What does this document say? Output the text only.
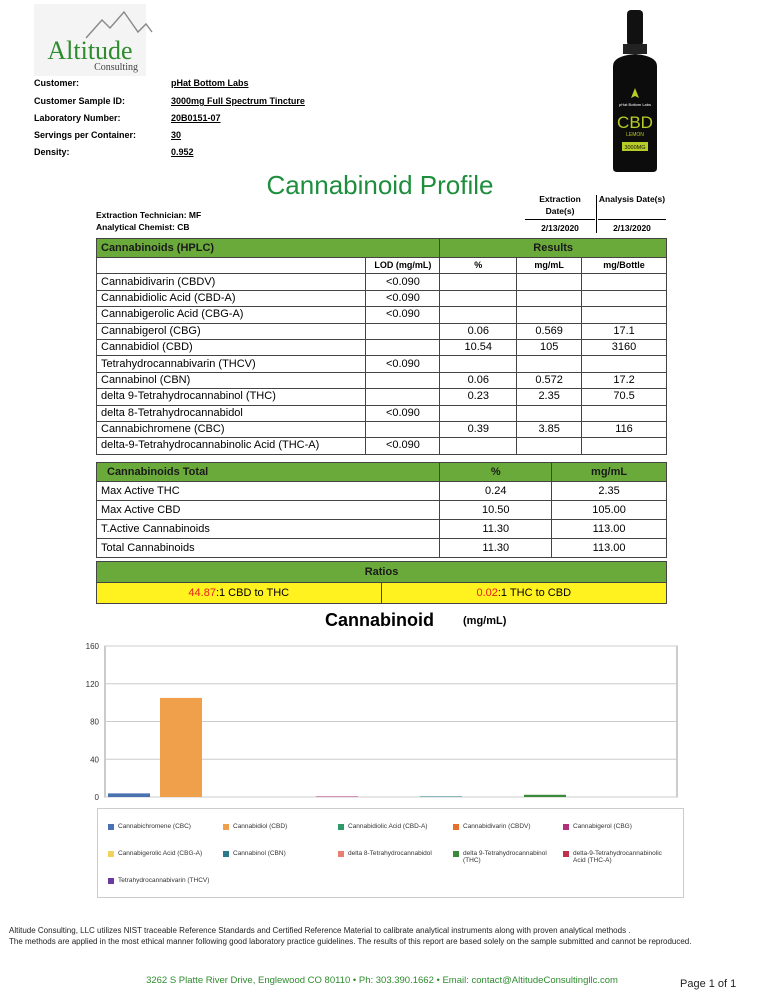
Altitude
Consulting
Customer:	pHat Bottom Labs
Customer Sample ID:	3000mg Full Spectrum Tincture
Laboratory Number:	20B0151-07
Servings per Container:	30
Density:	0.952
pHat Bottom Labs
CBD
LEMON
3000MG
Cannabinoid Profile
Extraction Technician: MF
Analytical Chemist: CB
Extraction Date(s)
2/13/2020
Analysis Date(s)
2/13/2020
Cannabinoids (HPLC)		Results		
	LOD (mg/mL)	%	mg/mL	mg/Bottle
Cannabidivarin (CBDV)	<0.090			
Cannabidiolic Acid (CBD-A)	<0.090			
Cannabigerolic Acid (CBG-A)	<0.090			
Cannabigerol (CBG)		0.06	0.569	17.1
Cannabidiol (CBD)		10.54	105	3160
Tetrahydrocannabivarin (THCV)	<0.090			
Cannabinol (CBN)		0.06	0.572	17.2
delta 9-Tetrahydrocannabinol (THC)		0.23	2.35	70.5
delta 8-Tetrahydrocannabidol	<0.090			
Cannabichromene (CBC)		0.39	3.85	116
delta-9-Tetrahydrocannabinolic Acid (THC-A)	<0.090			
Cannabinoids Total	%	mg/mL
Max Active THC	0.24	2.35
Max Active CBD	10.50	105.00
T.Active Cannabinoids	11.30	113.00
Total Cannabinoids	11.30	113.00
Ratios
44.87:1 CBD to THC	0.02:1 THC to CBD
Cannabinoid	(mg/mL)
0
40
80
120
160
Cannabichromene (CBC)	Cannabidiol (CBD)	Cannabidiolic Acid (CBD-A)	Cannabidivarin (CBDV)	Cannabigerol (CBG)
Cannabigerolic Acid (CBG-A)	Cannabinol (CBN)	delta 8-Tetrahydrocannabidol	delta 9-Tetrahydrocannabinol (THC)
delta-9-Tetrahydrocannabinolic Acid (THC-A)
Tetrahydrocannabivarin (THCV)
Altitude Consulting, LLC utilizes NIST traceable Reference Standards and Certified Reference Material to calibrate analytical instruments along with proven analytical methods .
The methods are applied in the most ethical manner following good laboratory practice guidelines. The results of this report are based solely on the sample submitted and cannot be reproduced.
3262 S Platte River Drive, Englewood CO 80110 • Ph: 303.390.1662 • Email: contact@AltitudeConsultingllc.com	Page 1 of 1
